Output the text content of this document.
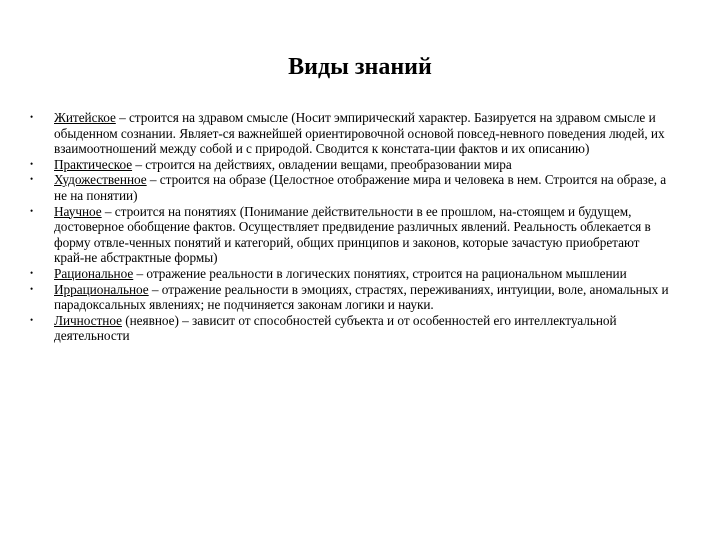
Виды знаний
•	Житейское – строится на здравом смысле (Носит эмпирический характер. Базируется на здравом смысле и обыденном сознании. Являет-ся важнейшей ориентировочной основой повсед-невного поведения людей, их взаимоотношений между собой и с природой. Сводится к констата-ции фактов и их описанию)
•	Практическое – строится на действиях, овладении вещами, преобразовании мира
•	Художественное – строится на образе (Целостное отображение мира и человека в нем. Строится на образе, а не на понятии)
•	Научное – строится на понятиях (Понимание действительности в ее прошлом, на-стоящем и будущем, достоверное обобщение фактов. Осуществляет предвидение различных явлений. Реальность облекается в форму отвле-ченных понятий и категорий, общих принципов и законов, которые зачастую приобретают край-не абстрактные формы)
•	Рациональное – отражение реальности в логических понятиях, строится на рациональном мышлении
•	Иррациональное – отражение реальности в эмоциях, страстях, переживаниях, интуиции, воле, аномальных и парадоксальных явлениях; не подчиняется законам логики и науки.
•	Личностное (неявное) – зависит от способностей субъекта и от особенностей его интеллектуальной деятельности
